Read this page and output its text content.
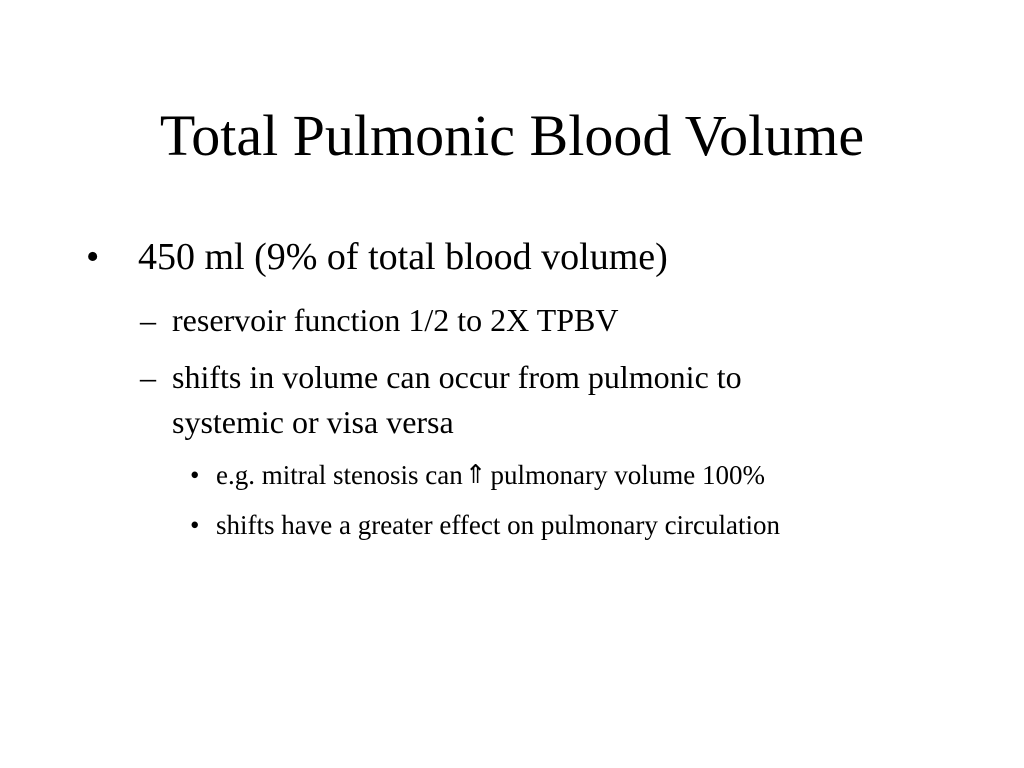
Total Pulmonic Blood Volume
• 450 ml (9% of total blood volume)
– reservoir function 1/2 to 2X TPBV
– shifts in volume can occur from pulmonic to
systemic or visa versa
• e.g. mitral stenosis can⇑ pulmonary volume 100%
• shifts have a greater effect on pulmonary circulation
